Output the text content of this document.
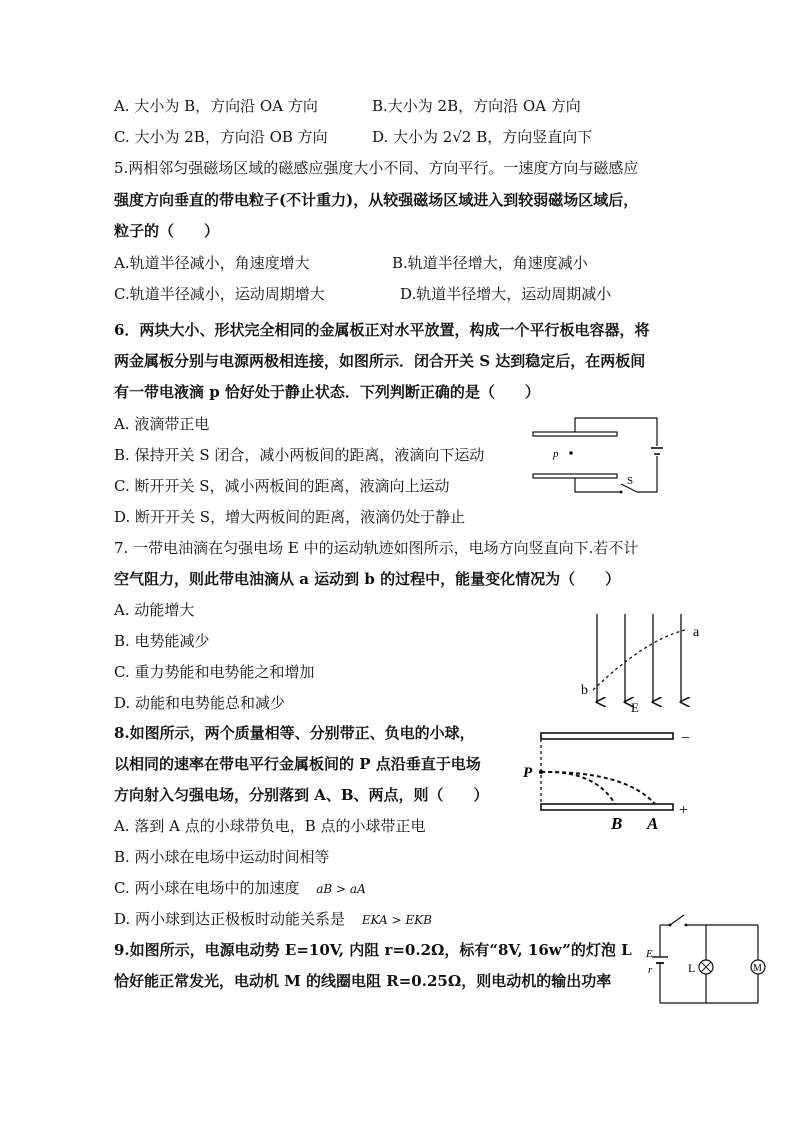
A. 大小为 B，方向沿 OA 方向	B.大小为 2B，方向沿 OA 方向
C. 大小为 2B，方向沿 OB 方向	D. 大小为 2√2 B，方向竖直向下
5.两相邻匀强磁场区域的磁感应强度大小不同、方向平行。一速度方向与磁感应
强度方向垂直的带电粒子(不计重力)，从较强磁场区域进入到较弱磁场区域后，
粒子的（　　）
A.轨道半径减小，角速度增大	B.轨道半径增大，角速度减小
C.轨道半径减小，运动周期增大	D.轨道半径增大，运动周期减小
6．两块大小、形状完全相同的金属板正对水平放置，构成一个平行板电容器，将
两金属板分别与电源两极相连接，如图所示．闭合开关 S 达到稳定后，在两板间
有一带电液滴 p 恰好处于静止状态．下列判断正确的是（　　）
A. 液滴带正电
B. 保持开关 S 闭合，减小两板间的距离，液滴向下运动
C. 断开开关 S，减小两板间的距离，液滴向上运动
D. 断开开关 S，增大两板间的距离，液滴仍处于静止
p
S
7. 一带电油滴在匀强电场 E 中的运动轨迹如图所示，电场方向竖直向下.若不计
空气阻力，则此带电油滴从 a 运动到 b 的过程中，能量变化情况为（　　）
A. 动能增大
B. 电势能减少
C. 重力势能和电势能之和增加
D. 动能和电势能总和减少
a
b
E
8.如图所示，两个质量相等、分别带正、负电的小球，
以相同的速率在带电平行金属板间的 P 点沿垂直于电场
方向射入匀强电场，分别落到 A、B、两点，则（　　）
A. 落到 A 点的小球带负电，B 点的小球带正电
B. 两小球在电场中运动时间相等
C. 两小球在电场中的加速度 aB > aA
D. 两小球到达正极板时动能关系是 EKA > EKB
P
B A
−
+
9.如图所示，电源电动势 E=10V, 内阻 r=0.2Ω，标有“8V, 16w”的灯泡 L
恰好能正常发光，电动机 M 的线圈电阻 R=0.25Ω，则电动机的输出功率
E
r	L	M
